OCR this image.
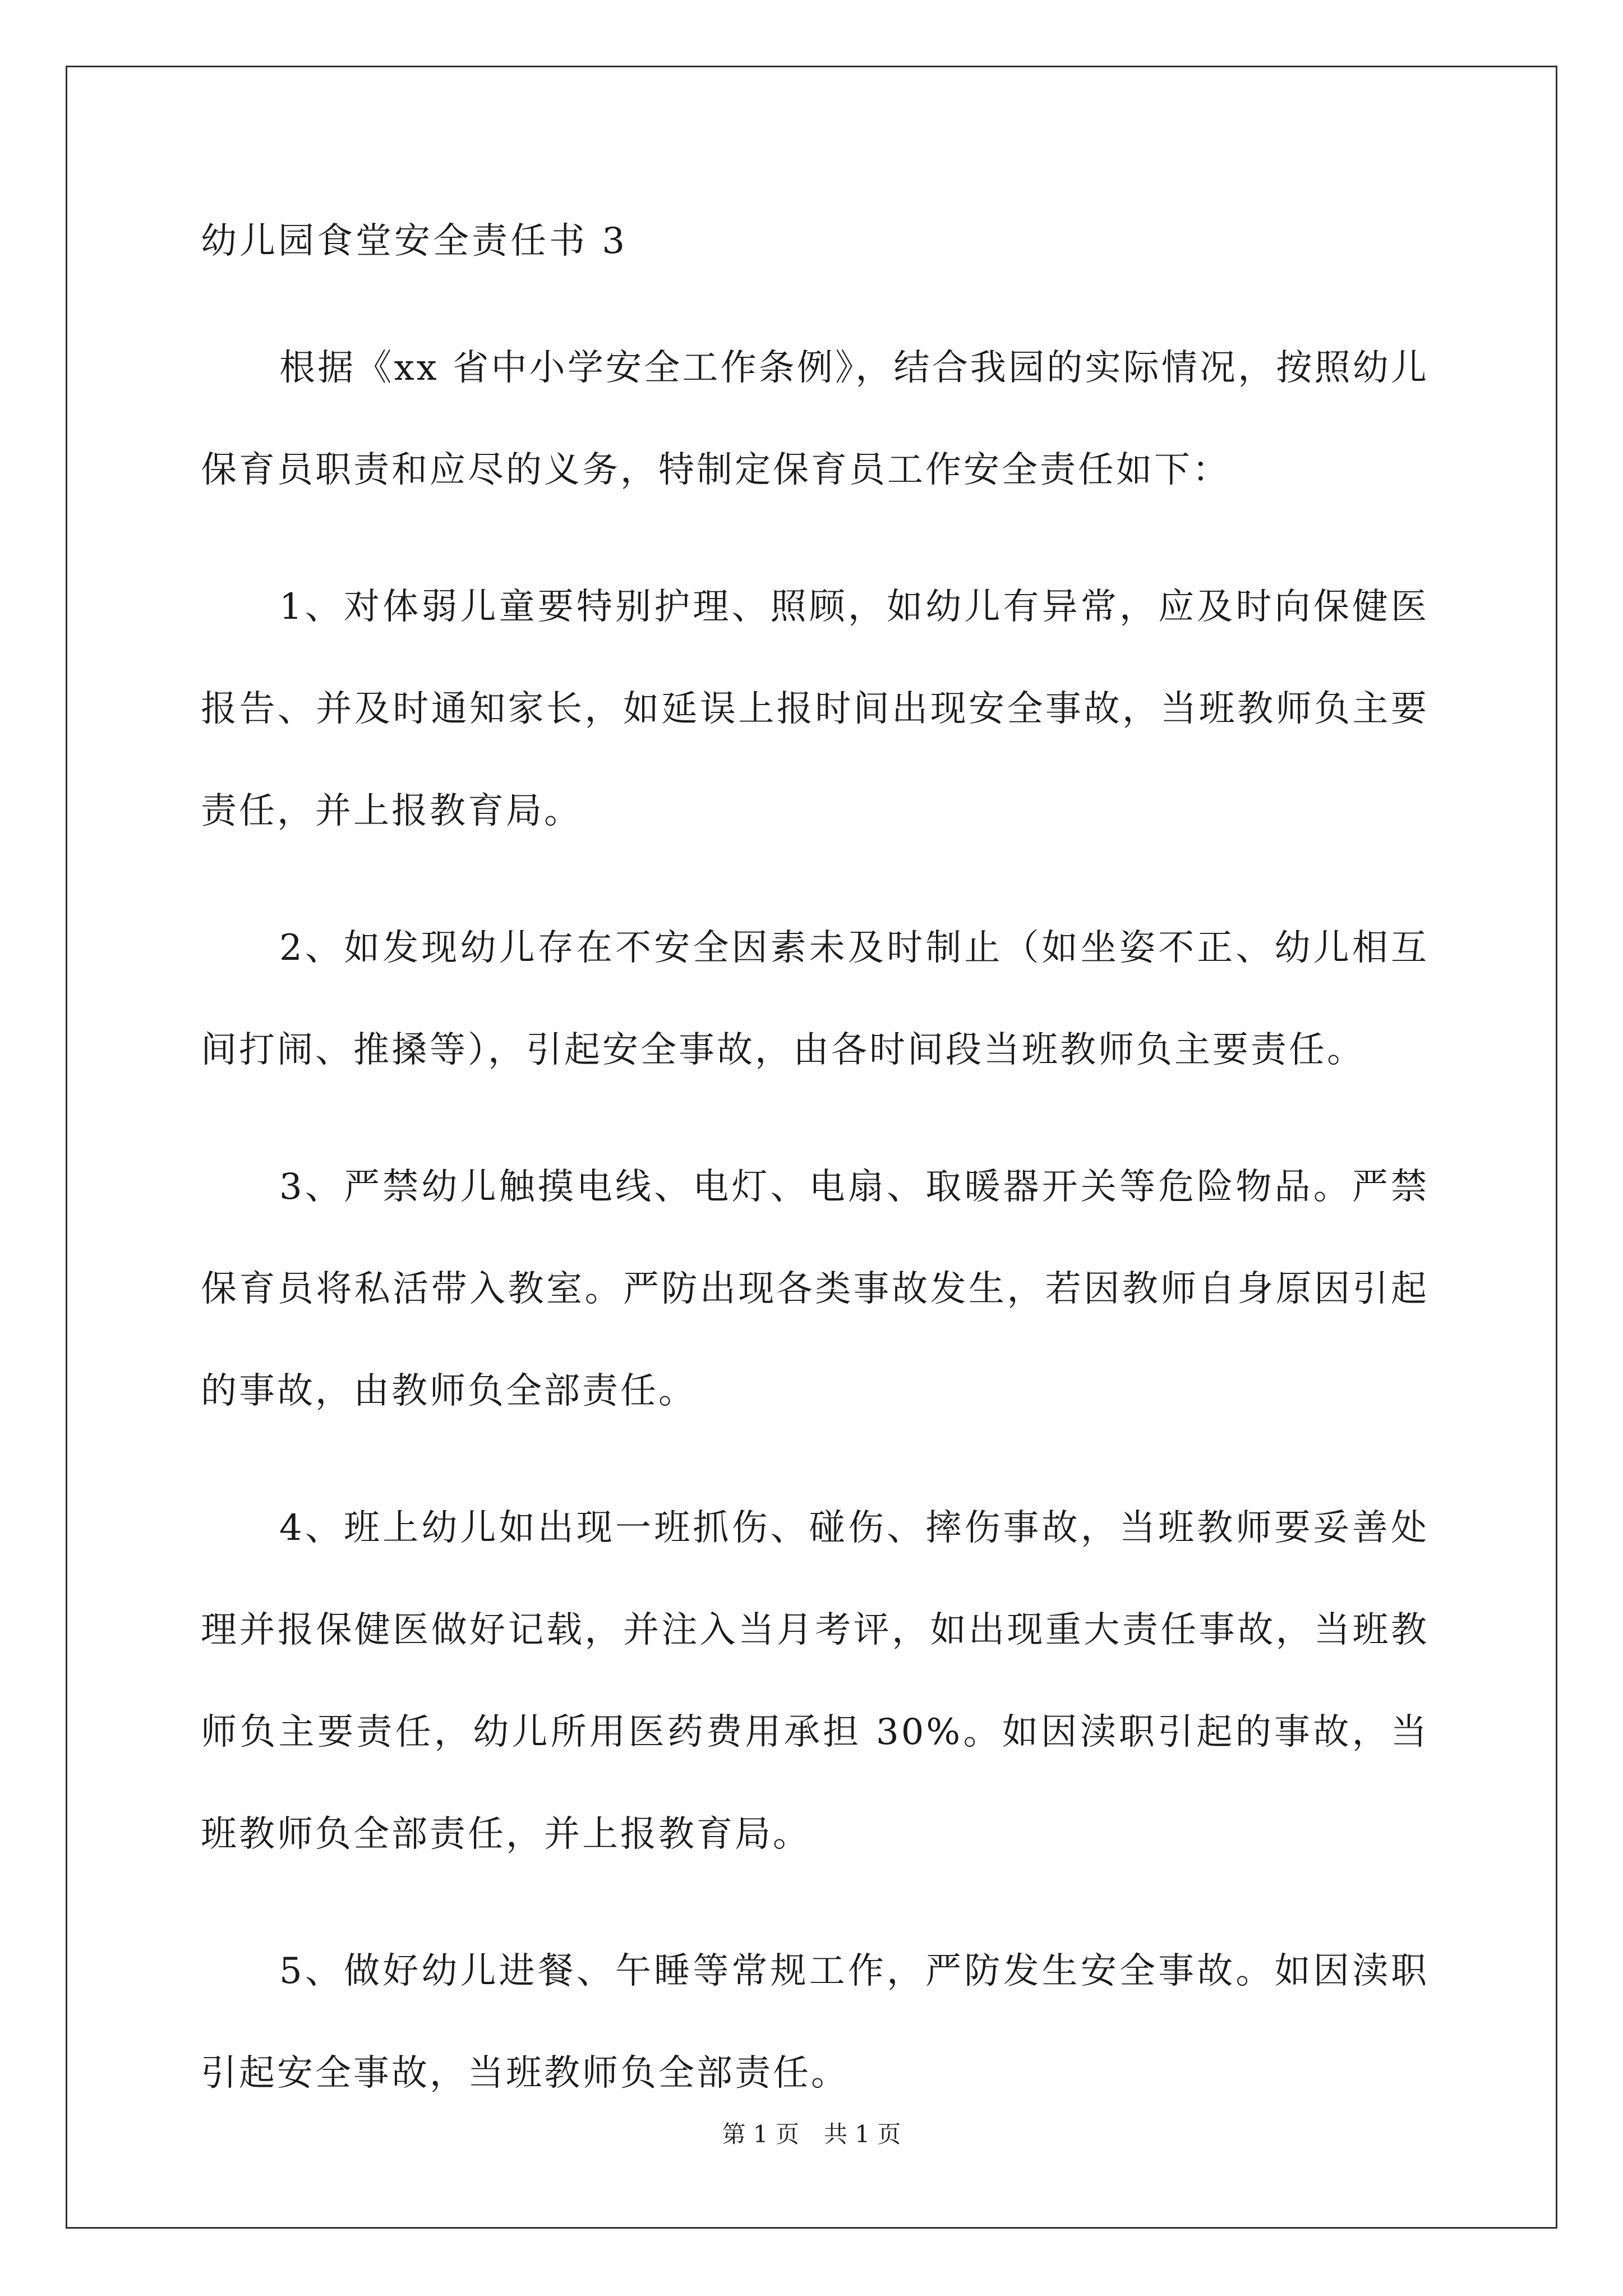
幼儿园食堂安全责任书 3

根据《xx 省中小学安全工作条例》，结合我园的实际情况，按照幼儿保育员职责和应尽的义务，特制定保育员工作安全责任如下：

1、对体弱儿童要特别护理、照顾，如幼儿有异常，应及时向保健医报告、并及时通知家长，如延误上报时间出现安全事故，当班教师负主要责任，并上报教育局。

2、如发现幼儿存在不安全因素未及时制止（如坐姿不正、幼儿相互间打闹、推搡等），引起安全事故，由各时间段当班教师负主要责任。

3、严禁幼儿触摸电线、电灯、电扇、取暖器开关等危险物品。严禁保育员将私活带入教室。严防出现各类事故发生，若因教师自身原因引起的事故，由教师负全部责任。

4、班上幼儿如出现一班抓伤、碰伤、摔伤事故，当班教师要妥善处理并报保健医做好记载，并注入当月考评，如出现重大责任事故，当班教师负主要责任，幼儿所用医药费用承担 30%。如因渎职引起的事故，当班教师负全部责任，并上报教育局。

5、做好幼儿进餐、午睡等常规工作，严防发生安全事故。如因渎职引起安全事故，当班教师负全部责任。

第 1 页 共 1 页
